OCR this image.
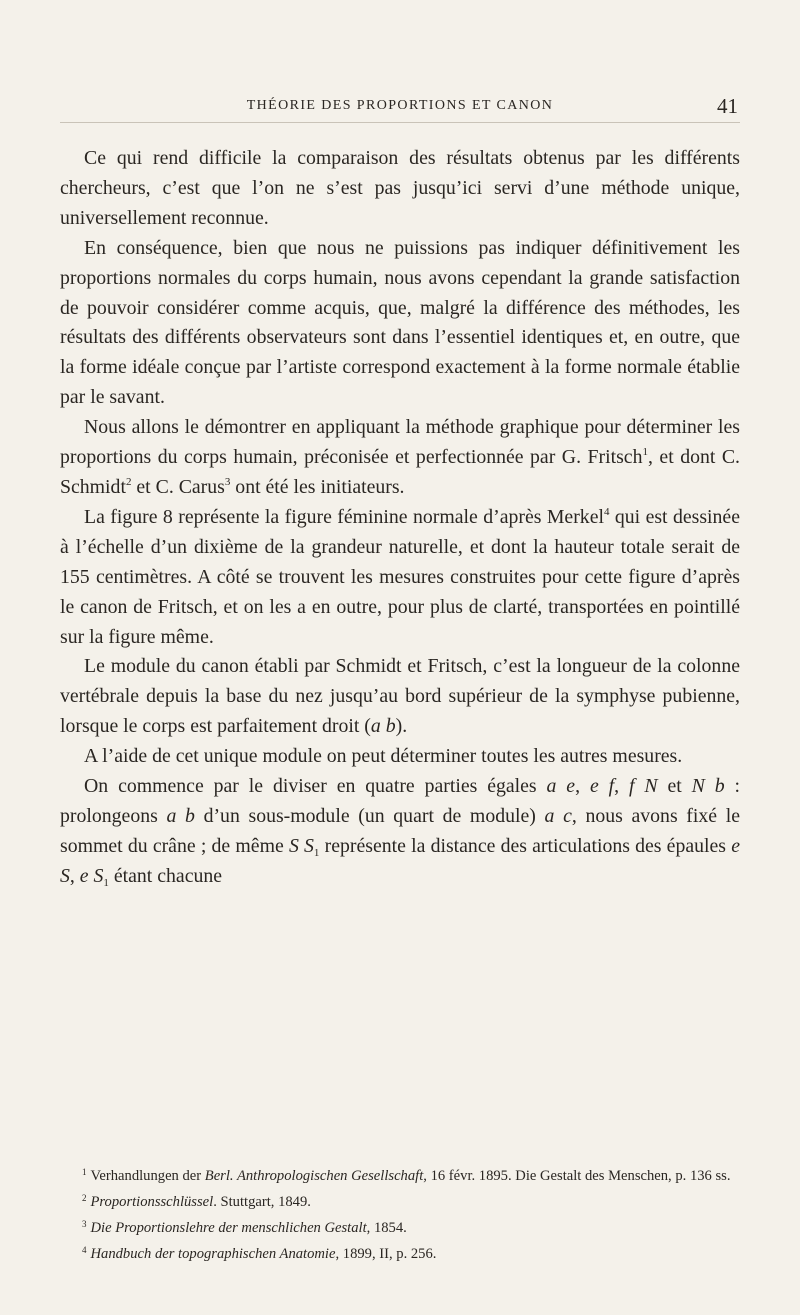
THÉORIE DES PROPORTIONS ET CANON	41

Ce qui rend difficile la comparaison des résultats obtenus par les différents chercheurs, c’est que l’on ne s’est pas jusqu’ici servi d’une méthode unique, universellement reconnue.

En conséquence, bien que nous ne puissions pas indiquer définitivement les proportions normales du corps humain, nous avons cependant la grande satisfaction de pouvoir considérer comme acquis, que, malgré la différence des méthodes, les résultats des différents observateurs sont dans l’essentiel identiques et, en outre, que la forme idéale conçue par l’artiste correspond exactement à la forme normale établie par le savant.

Nous allons le démontrer en appliquant la méthode graphique pour déterminer les proportions du corps humain, préconisée et perfectionnée par G. Fritsch$^1$, et dont C. Schmidt$^2$ et C. Carus$^3$ ont été les initiateurs.

La figure 8 représente la figure féminine normale d’après Merkel$^4$ qui est dessinée à l’échelle d’un dixième de la grandeur naturelle, et dont la hauteur totale serait de 155 centimètres. A côté se trouvent les mesures construites pour cette figure d’après le canon de Fritsch, et on les a en outre, pour plus de clarté, transportées en pointillé sur la figure même.

Le module du canon établi par Schmidt et Fritsch, c’est la longueur de la colonne vertébrale depuis la base du nez jusqu’au bord supérieur de la symphyse pubienne, lorsque le corps est parfaitement droit (a b).

A l’aide de cet unique module on peut déterminer toutes les autres mesures.

On commence par le diviser en quatre parties égales a e, e f, f N et N b : prolongeons a b d’un sous-module (un quart de module) a c, nous avons fixé le sommet du crâne ; de même S $S_1$ représente la distance des articulations des épaules e S, e $S_1$ étant chacune

$^1$ Verhandlungen der Berl. Anthropologischen Gesellschaft, 16 févr. 1895. Die Gestalt des Menschen, p. 136 ss.

$^2$ Proportionsschlüssel. Stuttgart, 1849.

$^3$ Die Proportionslehre der menschlichen Gestalt, 1854.

$^4$ Handbuch der topographischen Anatomie, 1899, II, p. 256.
